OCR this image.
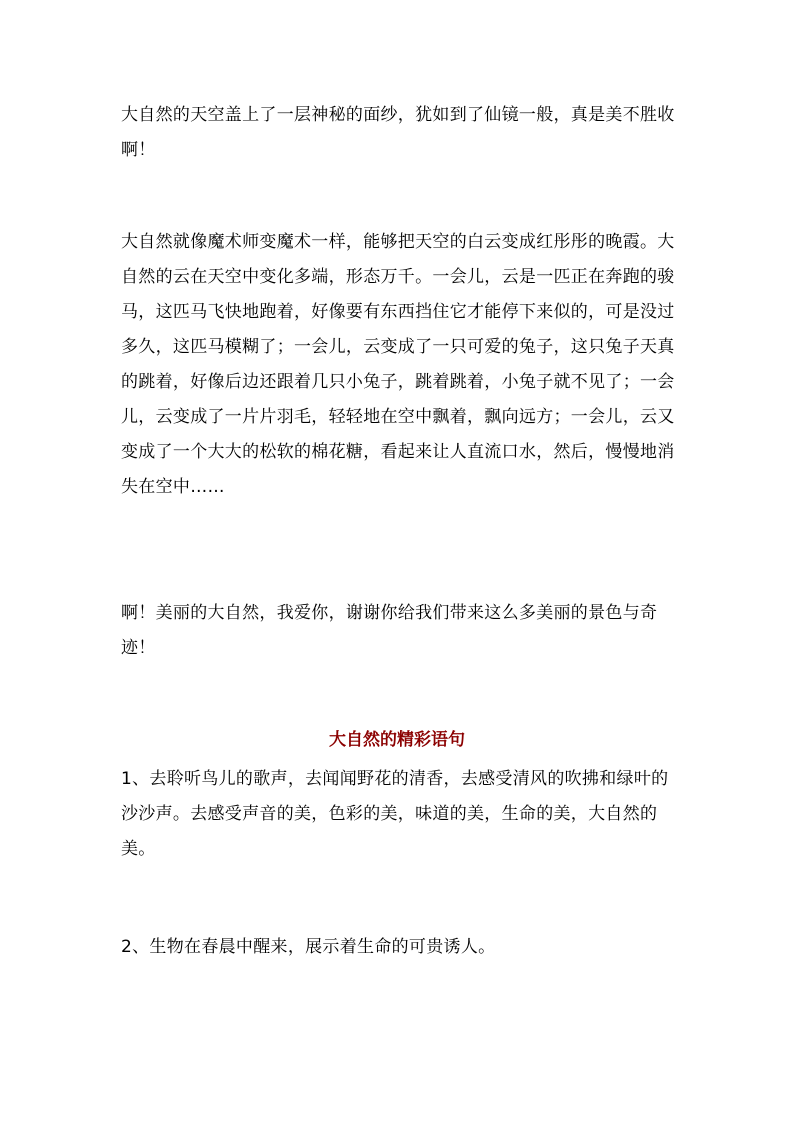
大自然的天空盖上了一层神秘的面纱，犹如到了仙镜一般，真是美不胜收啊！

大自然就像魔术师变魔术一样，能够把天空的白云变成红彤彤的晚霞。大自然的云在天空中变化多端，形态万千。一会儿，云是一匹正在奔跑的骏马，这匹马飞快地跑着，好像要有东西挡住它才能停下来似的，可是没过多久，这匹马模糊了；一会儿，云变成了一只可爱的兔子，这只兔子天真的跳着，好像后边还跟着几只小兔子，跳着跳着，小兔子就不见了；一会儿，云变成了一片片羽毛，轻轻地在空中飘着，飘向远方；一会儿，云又变成了一个大大的松软的棉花糖，看起来让人直流口水，然后，慢慢地消失在空中……

啊！美丽的大自然，我爱你，谢谢你给我们带来这么多美丽的景色与奇迹！

大自然的精彩语句

1、去聆听鸟儿的歌声，去闻闻野花的清香，去感受清风的吹拂和绿叶的沙沙声。去感受声音的美，色彩的美，味道的美，生命的美，大自然的美。

2、生物在春晨中醒来，展示着生命的可贵诱人。
